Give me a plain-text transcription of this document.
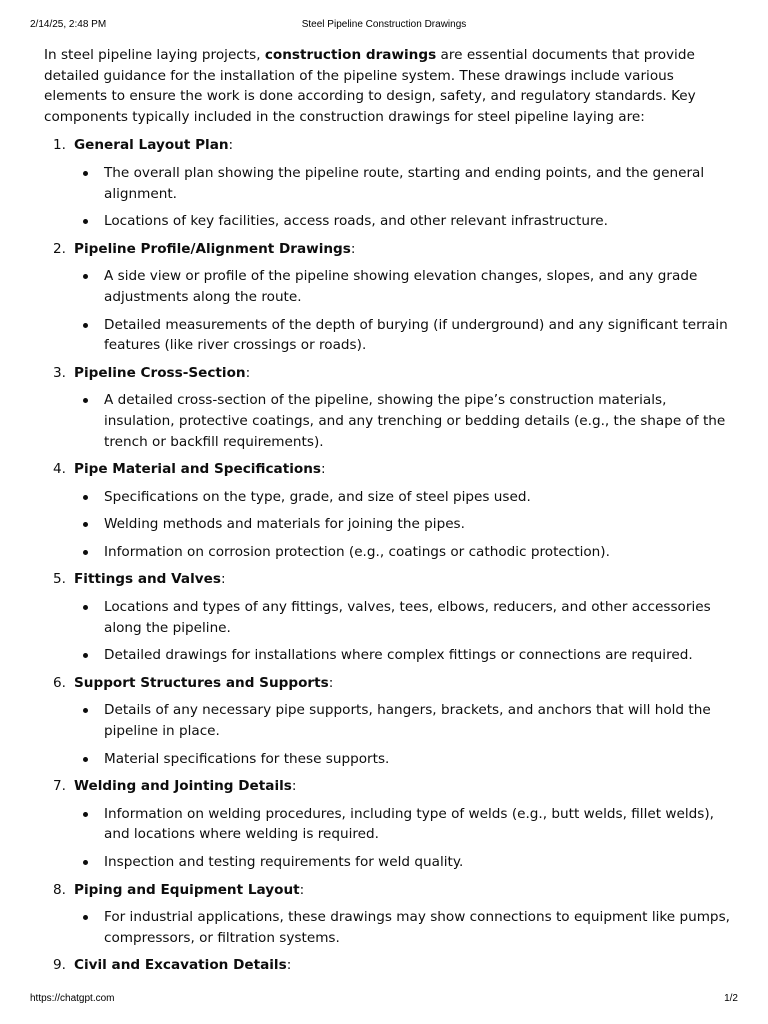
2/14/25, 2:48 PM	Steel Pipeline Construction Drawings

In steel pipeline laying projects, construction drawings are essential documents that provide detailed guidance for the installation of the pipeline system. These drawings include various elements to ensure the work is done according to design, safety, and regulatory standards. Key components typically included in the construction drawings for steel pipeline laying are:

1. General Layout Plan:
The overall plan showing the pipeline route, starting and ending points, and the general alignment.
Locations of key facilities, access roads, and other relevant infrastructure.
2. Pipeline Profile/Alignment Drawings:
A side view or profile of the pipeline showing elevation changes, slopes, and any grade adjustments along the route.
Detailed measurements of the depth of burying (if underground) and any significant terrain features (like river crossings or roads).
3. Pipeline Cross-Section:
A detailed cross-section of the pipeline, showing the pipe’s construction materials, insulation, protective coatings, and any trenching or bedding details (e.g., the shape of the trench or backfill requirements).
4. Pipe Material and Specifications:
Specifications on the type, grade, and size of steel pipes used.
Welding methods and materials for joining the pipes.
Information on corrosion protection (e.g., coatings or cathodic protection).
5. Fittings and Valves:
Locations and types of any fittings, valves, tees, elbows, reducers, and other accessories along the pipeline.
Detailed drawings for installations where complex fittings or connections are required.
6. Support Structures and Supports:
Details of any necessary pipe supports, hangers, brackets, and anchors that will hold the pipeline in place.
Material specifications for these supports.
7. Welding and Jointing Details:
Information on welding procedures, including type of welds (e.g., butt welds, fillet welds), and locations where welding is required.
Inspection and testing requirements for weld quality.
8. Piping and Equipment Layout:
For industrial applications, these drawings may show connections to equipment like pumps, compressors, or filtration systems.
9. Civil and Excavation Details:
https://chatgpt.com	1/2
